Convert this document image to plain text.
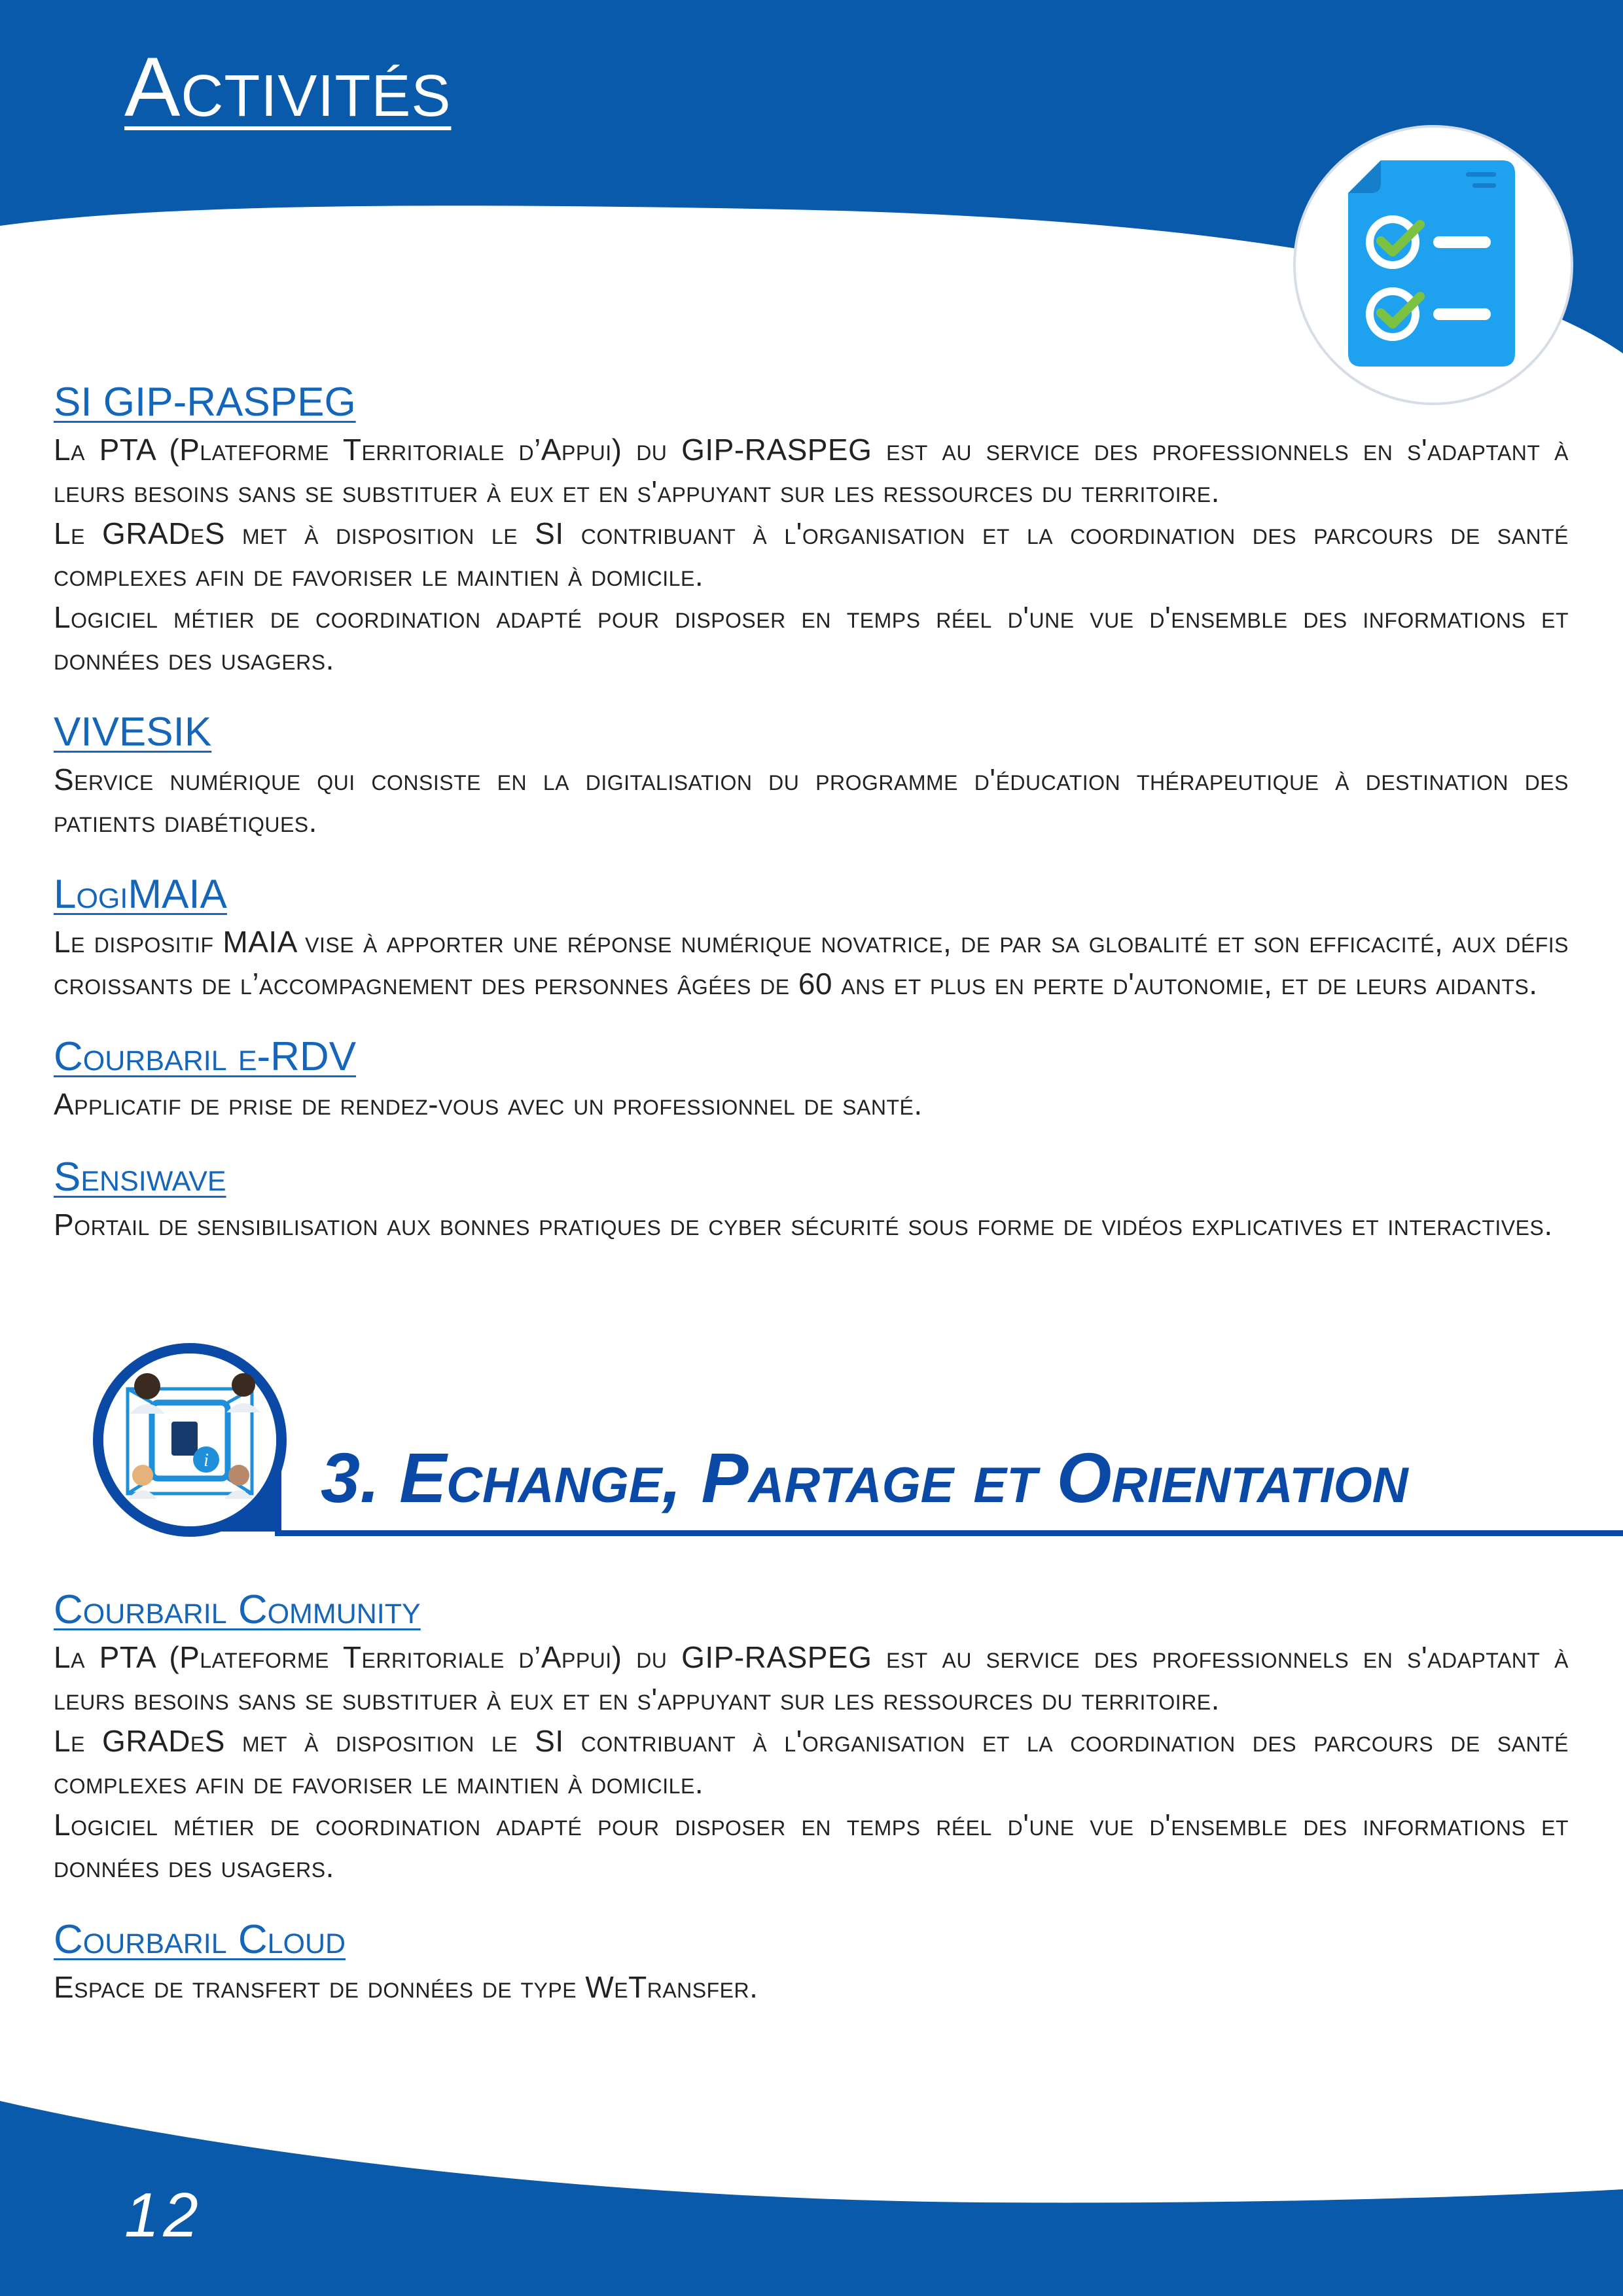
Activités
SI GIP-RASPEG

La PTA (Plateforme Territoriale d’Appui) du GIP-RASPEG est au service des professionnels en s'adaptant à leurs besoins sans se substituer à eux et en s'appuyant sur les ressources du territoire.

Le GRADeS met à disposition le SI contribuant à l'organisation et la coordination des parcours de santé complexes afin de favoriser le maintien à domicile.

Logiciel métier de coordination adapté pour disposer en temps réel d'une vue d'ensemble des informations et données des usagers.

VIVESIK

Service numérique qui consiste en la digitalisation du programme d'éducation thérapeutique à destination des patients diabétiques.

LogiMAIA

Le dispositif MAIA vise à apporter une réponse numérique novatrice, de par sa globalité et son efficacité, aux défis croissants de l’accompagnement des personnes âgées de 60 ans et plus en perte d'autonomie, et de leurs aidants.

Courbaril e-RDV

Applicatif de prise de rendez-vous avec un professionnel de santé.

Sensiwave

Portail de sensibilisation aux bonnes pratiques de cyber sécurité sous forme de vidéos explicatives et interactives.

i 3. Echange, Partage et Orientation
Courbaril Community

La PTA (Plateforme Territoriale d’Appui) du GIP-RASPEG est au service des professionnels en s'adaptant à leurs besoins sans se substituer à eux et en s'appuyant sur les ressources du territoire.

Le GRADeS met à disposition le SI contribuant à l'organisation et la coordination des parcours de santé complexes afin de favoriser le maintien à domicile.

Logiciel métier de coordination adapté pour disposer en temps réel d'une vue d'ensemble des informations et données des usagers.

Courbaril Cloud

Espace de transfert de données de type WeTransfer.

12
